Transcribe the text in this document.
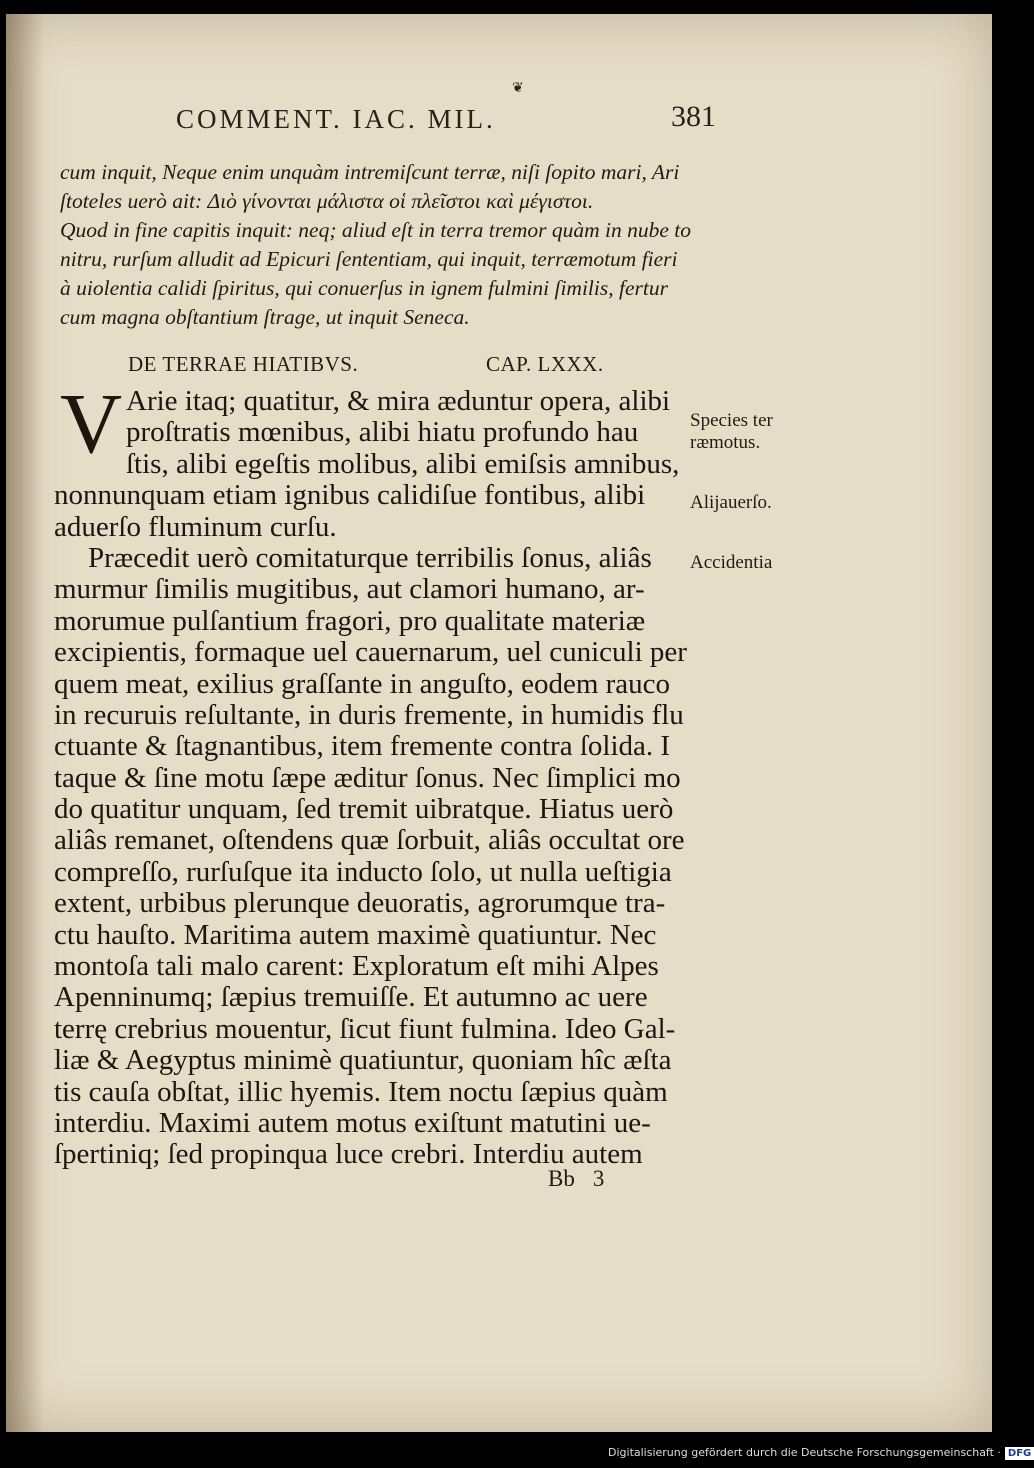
❦
COMMENT. IAC. MIL.	381
cum inquit, Neque enim unquàm intremiſcunt terræ, niſi ſopito mari, Ari
ſtoteles uerò ait: Διὸ γίνονται μάλιστα οἱ πλεῖστοι καὶ μέγιστοι.
Quod in fine capitis inquit: neq; aliud eſt in terra tremor quàm in nube to
nitru, rurſum alludit ad Epicuri ſententiam, qui inquit, terræmotum fieri
à uiolentia calidi ſpiritus, qui conuerſus in ignem fulmini ſimilis, fertur
cum magna obſtantium ſtrage, ut inquit Seneca.
DE TERRAE HIATIBVS.	CAP. LXXX.
V Arie itaq; quatitur, & mira æduntur opera, alibi
proſtratis mœnibus, alibi hiatu profundo hau
ſtis, alibi egeſtis molibus, alibi emiſsis amnibus,
nonnunquam etiam ignibus calidiſue fontibus, alibi
aduerſo fluminum curſu.
Præcedit uerò comitaturque terribilis ſonus, aliâs
murmur ſimilis mugitibus, aut clamori humano, ar-
morumue pulſantium fragori, pro qualitate materiæ
excipientis, formaque uel cauernarum, uel cuniculi per
quem meat, exilius graſſante in anguſto, eodem rauco
in recuruis reſultante, in duris fremente, in humidis flu
ctuante & ſtagnantibus, item fremente contra ſolida. I
taque & ſine motu ſæpe æditur ſonus. Nec ſimplici mo
do quatitur unquam, ſed tremit uibratque. Hiatus uerò
aliâs remanet, oſtendens quæ ſorbuit, aliâs occultat ore
compreſſo, rurſuſque ita inducto ſolo, ut nulla ueſtigia
extent, urbibus plerunque deuoratis, agrorumque tra-
ctu hauſto. Maritima autem maximè quatiuntur. Nec
montoſa tali malo carent: Exploratum eſt mihi Alpes
Apenninumq; ſæpius tremuiſſe. Et autumno ac uere
terrę crebrius mouentur, ſicut fiunt fulmina. Ideo Gal-
liæ & Aegyptus minimè quatiuntur, quoniam hîc æſta
tis cauſa obſtat, illic hyemis. Item noctu ſæpius quàm
interdiu. Maximi autem motus exiſtunt matutini ue-
ſpertiniq; ſed propinqua luce crebri. Interdiu autem
Species ter ræmotus.
Alijauerſo.
Accidentia
Bb 3
Digitalisierung gefördert durch die Deutsche Forschungsgemeinschaft · DFG
